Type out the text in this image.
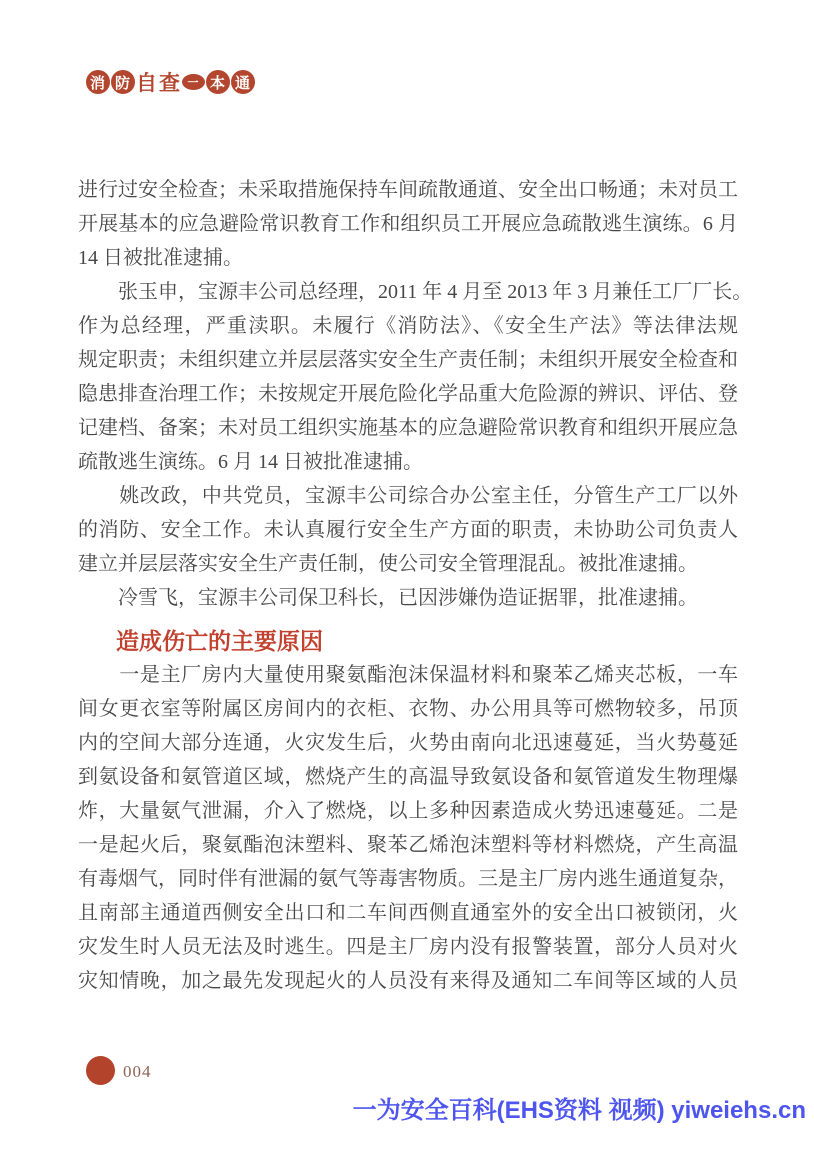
消 防 自 查 一 本 通
进行过安全检查；未采取措施保持车间疏散通道、安全出口畅通；未对员工
开展基本的应急避险常识教育工作和组织员工开展应急疏散逃生演练。6 月
14 日被批准逮捕。
　　张玉申，宝源丰公司总经理，2011 年 4 月至 2013 年 3 月兼任工厂厂长。
作为总经理，严重渎职。未履行《消防法》、《安全生产法》等法律法规
规定职责；未组织建立并层层落实安全生产责任制；未组织开展安全检查和
隐患排查治理工作；未按规定开展危险化学品重大危险源的辨识、评估、登
记建档、备案；未对员工组织实施基本的应急避险常识教育和组织开展应急
疏散逃生演练。6 月 14 日被批准逮捕。
　　姚改政，中共党员，宝源丰公司综合办公室主任，分管生产工厂以外
的消防、安全工作。未认真履行安全生产方面的职责，未协助公司负责人
建立并层层落实安全生产责任制，使公司安全管理混乱。被批准逮捕。
　　冷雪飞，宝源丰公司保卫科长，已因涉嫌伪造证据罪，批准逮捕。
造成伤亡的主要原因
　　一是主厂房内大量使用聚氨酯泡沫保温材料和聚苯乙烯夹芯板，一车
间女更衣室等附属区房间内的衣柜、衣物、办公用具等可燃物较多，吊顶
内的空间大部分连通，火灾发生后，火势由南向北迅速蔓延，当火势蔓延
到氨设备和氨管道区域，燃烧产生的高温导致氨设备和氨管道发生物理爆
炸，大量氨气泄漏，介入了燃烧，以上多种因素造成火势迅速蔓延。二是
一是起火后，聚氨酯泡沫塑料、聚苯乙烯泡沫塑料等材料燃烧，产生高温
有毒烟气，同时伴有泄漏的氨气等毒害物质。三是主厂房内逃生通道复杂，
且南部主通道西侧安全出口和二车间西侧直通室外的安全出口被锁闭，火
灾发生时人员无法及时逃生。四是主厂房内没有报警装置，部分人员对火
灾知情晚，加之最先发现起火的人员没有来得及通知二车间等区域的人员
004
一为安全百科(EHS资料 视频) yiweiehs.cn
